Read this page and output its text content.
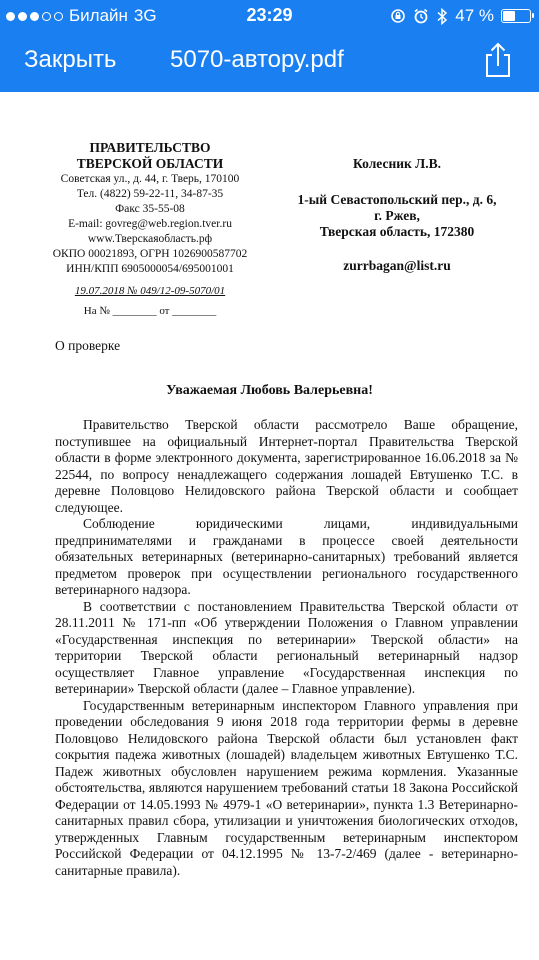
Билайн 3G	23:29	47 %
Закрыть 5070-автору.pdf
ПРАВИТЕЛЬСТВО
ТВЕРСКОЙ ОБЛАСТИ
Советская ул., д. 44, г. Тверь, 170100
Тел. (4822) 59-22-11, 34-87-35
Факс 35-55-08
E-mail: govreg@web.region.tver.ru
www.Тверскаяобласть.рф
ОКПО 00021893, ОГРН 1026900587702
ИНН/КПП 6905000054/695001001
19.07.2018 № 049/12-09-5070/01
На № ________ от ________
Колесник Л.В.
1-ый Севастопольский пер., д. 6,
г. Ржев,
Тверская область, 172380
zurrbagan@list.ru
О проверке
Уважаемая Любовь Валерьевна!

Правительство Тверской области рассмотрело Ваше обращение, поступившее на официальный Интернет-портал Правительства Тверской области в форме электронного документа, зарегистрированное 16.06.2018 за № 22544, по вопросу ненадлежащего содержания лошадей Евтушенко Т.С. в деревне Половцово Нелидовского района Тверской области и сообщает следующее.

Соблюдение юридическими лицами, индивидуальными предпринимателями и гражданами в процессе своей деятельности обязательных ветеринарных (ветеринарно-санитарных) требований является предметом проверок при осуществлении регионального государственного ветеринарного надзора.

В соответствии с постановлением Правительства Тверской области от 28.11.2011 № 171-пп «Об утверждении Положения о Главном управлении «Государственная инспекция по ветеринарии» Тверской области» на территории Тверской области региональный ветеринарный надзор осуществляет Главное управление «Государственная инспекция по ветеринарии» Тверской области (далее – Главное управление).

Государственным ветеринарным инспектором Главного управления при проведении обследования 9 июня 2018 года территории фермы в деревне Половцово Нелидовского района Тверской области был установлен факт сокрытия падежа животных (лошадей) владельцем животных Евтушенко Т.С. Падеж животных обусловлен нарушением режима кормления. Указанные обстоятельства, являются нарушением требований статьи 18 Закона Российской Федерации от 14.05.1993 № 4979-1 «О ветеринарии», пункта 1.3 Ветеринарно-санитарных правил сбора, утилизации и уничтожения биологических отходов, утвержденных Главным государственным ветеринарным инспектором Российской Федерации от 04.12.1995 № 13-7-2/469 (далее - ветеринарно-санитарные правила).
